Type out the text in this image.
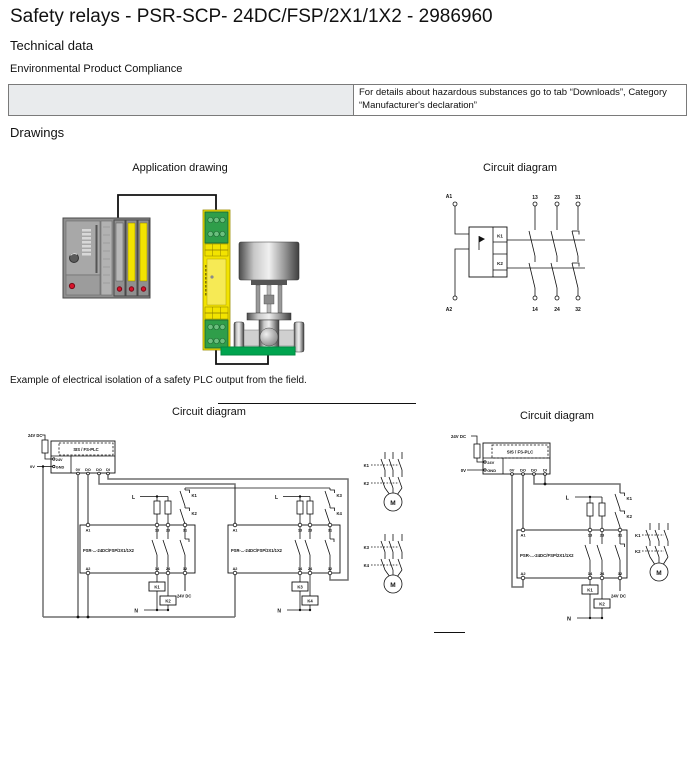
Safety relays - PSR-SCP- 24DC/FSP/2X1/1X2 - 2986960
Technical data
Environmental Product Compliance
For details about hazardous substances go to tab “Downloads”, Category “Manufacturer's declaration”
Drawings
Application drawing	Circuit diagram
A1
A2
K1
K2
13
14
23
24
31
32
Example of electrical isolation of a safety PLC output from the field.
Circuit diagram	Circuit diagram
24V DC
0V
SIS / FS-PLC
24V
GND
0V DO DO DI
K1
K2
K3
K4
L	L
PSR-...-24DC/FSP/2X1/1X2
A1	13 23	31
A2	14 24	32
PSR-...-24DC/FSP/2X1/1X2
A1	13 23	31
A2	14 24	32
K1
K2
N
24V DC
K3
K4
N
K1
K2
M
K3
K4
M
24V DC
0V
SIS / FS-PLC
24V
GND	0V DO DO DI
K1
K2
L
PSR-...-24DC/FSP/2X1/1X2
A1	13 23	31
A2	14 24	32
K1
K2
N
24V DC
K1
K2
M
